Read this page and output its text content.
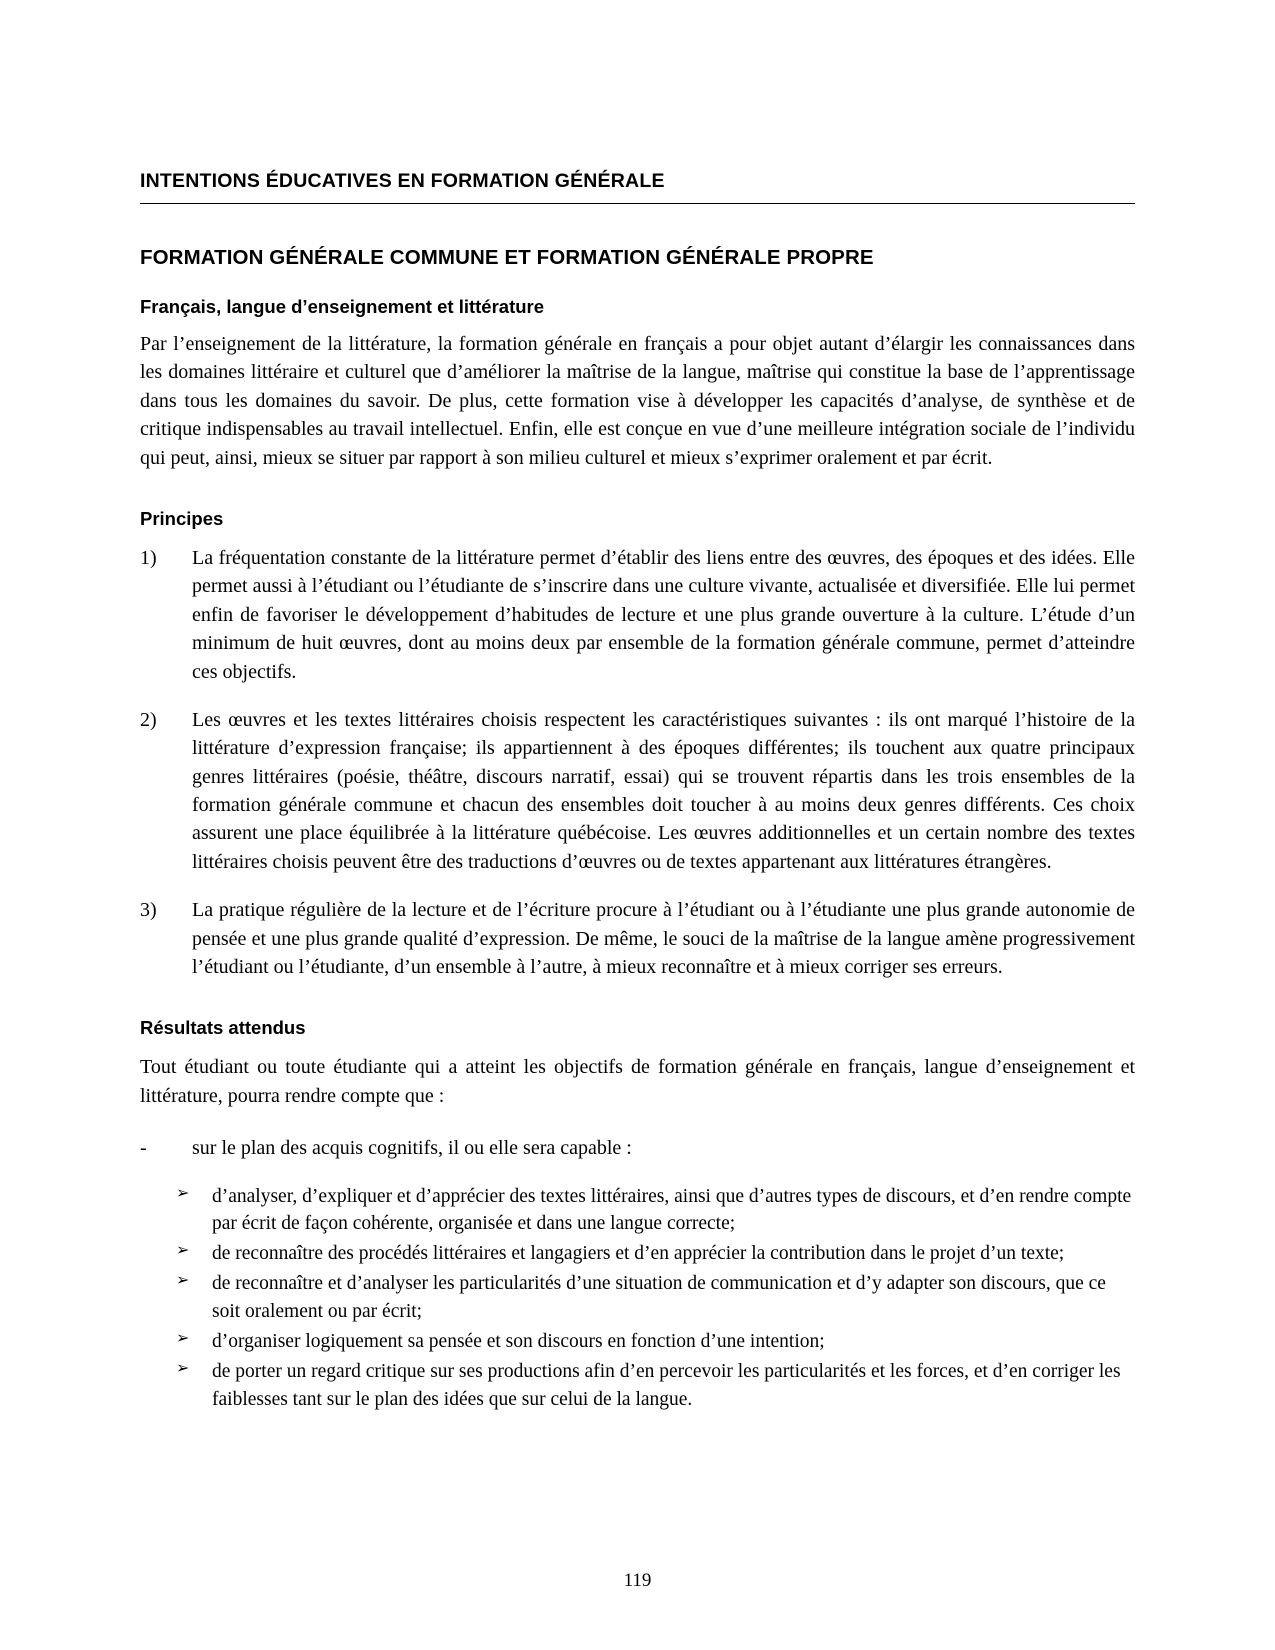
INTENTIONS ÉDUCATIVES EN FORMATION GÉNÉRALE
FORMATION GÉNÉRALE COMMUNE ET FORMATION GÉNÉRALE PROPRE
Français, langue d’enseignement et littérature

Par l’enseignement de la littérature, la formation générale en français a pour objet autant d’élargir les connaissances dans les domaines littéraire et culturel que d’améliorer la maîtrise de la langue, maîtrise qui constitue la base de l’apprentissage dans tous les domaines du savoir. De plus, cette formation vise à développer les capacités d’analyse, de synthèse et de critique indispensables au travail intellectuel. Enfin, elle est conçue en vue d’une meilleure intégration sociale de l’individu qui peut, ainsi, mieux se situer par rapport à son milieu culturel et mieux s’exprimer oralement et par écrit.

Principes
1) La fréquentation constante de la littérature permet d’établir des liens entre des œuvres, des époques et des idées. Elle permet aussi à l’étudiant ou l’étudiante de s’inscrire dans une culture vivante, actualisée et diversifiée. Elle lui permet enfin de favoriser le développement d’habitudes de lecture et une plus grande ouverture à la culture. L’étude d’un minimum de huit œuvres, dont au moins deux par ensemble de la formation générale commune, permet d’atteindre ces objectifs.
2) Les œuvres et les textes littéraires choisis respectent les caractéristiques suivantes : ils ont marqué l’histoire de la littérature d’expression française; ils appartiennent à des époques différentes; ils touchent aux quatre principaux genres littéraires (poésie, théâtre, discours narratif, essai) qui se trouvent répartis dans les trois ensembles de la formation générale commune et chacun des ensembles doit toucher à au moins deux genres différents. Ces choix assurent une place équilibrée à la littérature québécoise. Les œuvres additionnelles et un certain nombre des textes littéraires choisis peuvent être des traductions d’œuvres ou de textes appartenant aux littératures étrangères.
3) La pratique régulière de la lecture et de l’écriture procure à l’étudiant ou à l’étudiante une plus grande autonomie de pensée et une plus grande qualité d’expression. De même, le souci de la maîtrise de la langue amène progressivement l’étudiant ou l’étudiante, d’un ensemble à l’autre, à mieux reconnaître et à mieux corriger ses erreurs.
Résultats attendus

Tout étudiant ou toute étudiante qui a atteint les objectifs de formation générale en français, langue d’enseignement et littérature, pourra rendre compte que :

- sur le plan des acquis cognitifs, il ou elle sera capable :
➢ d’analyser, d’expliquer et d’apprécier des textes littéraires, ainsi que d’autres types de discours, et d’en rendre compte par écrit de façon cohérente, organisée et dans une langue correcte;
➢ de reconnaître des procédés littéraires et langagiers et d’en apprécier la contribution dans le projet d’un texte;
➢ de reconnaître et d’analyser les particularités d’une situation de communication et d’y adapter son discours, que ce soit oralement ou par écrit;
➢ d’organiser logiquement sa pensée et son discours en fonction d’une intention;
➢ de porter un regard critique sur ses productions afin d’en percevoir les particularités et les forces, et d’en corriger les faiblesses tant sur le plan des idées que sur celui de la langue.
119
